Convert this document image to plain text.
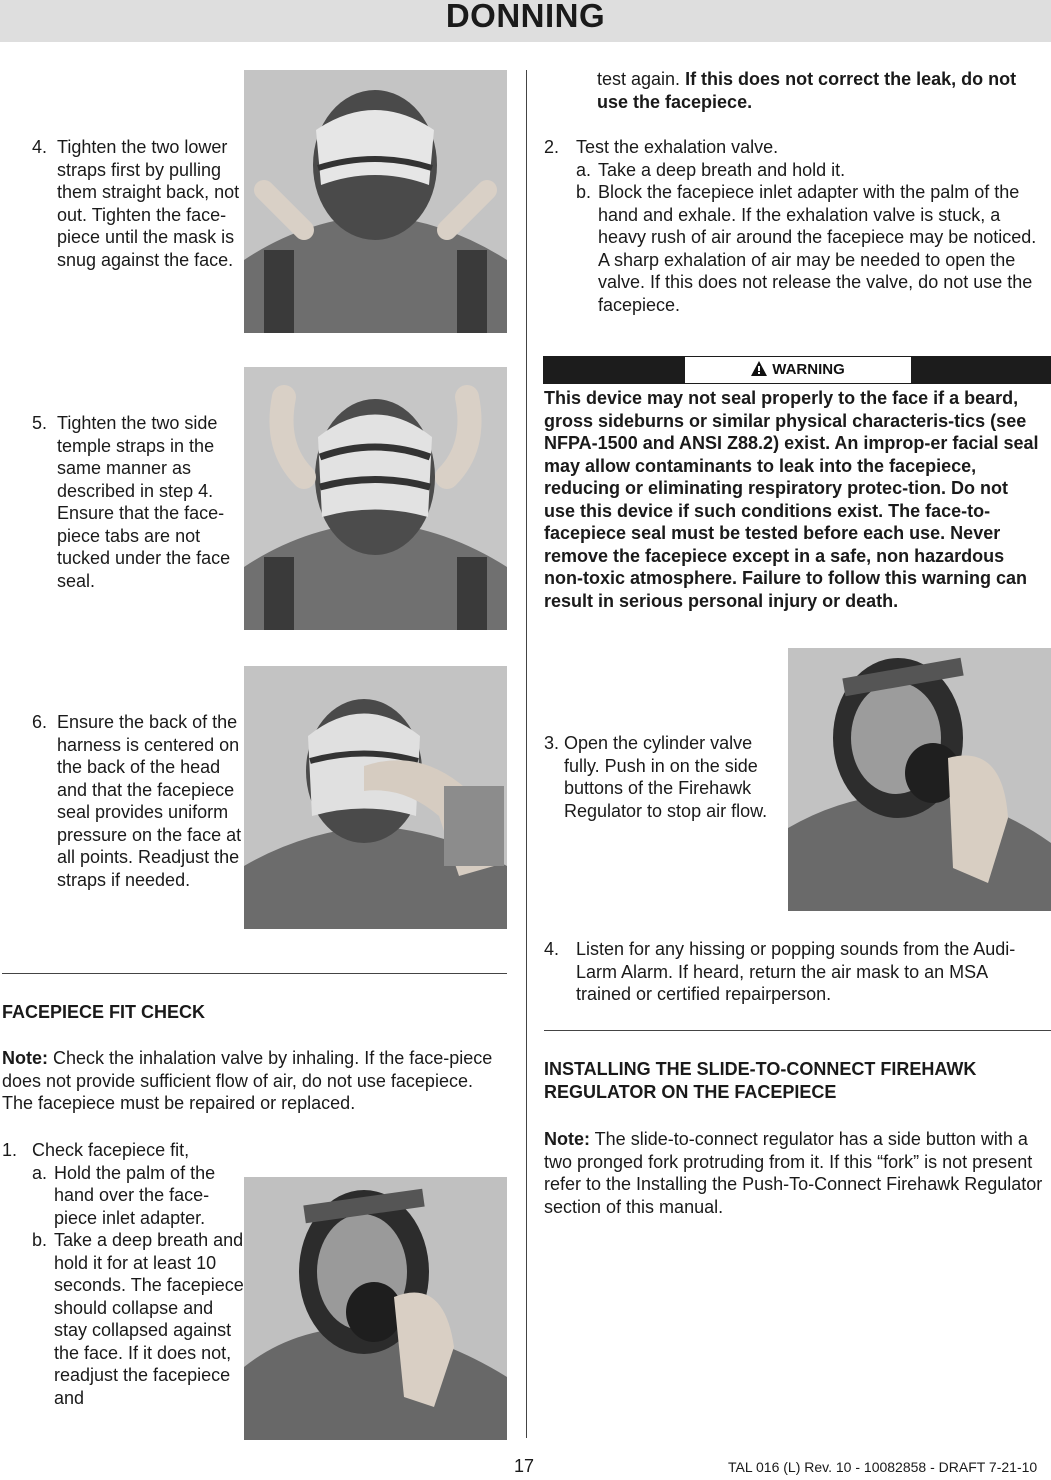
DONNING
4. Tighten the two lower straps first by pulling them straight back, not out. Tighten the face-piece until the mask is snug against the face.
5. Tighten the two side temple straps in the same manner as described in step 4. Ensure that the face-piece tabs are not tucked under the face seal.
6. Ensure the back of the harness is centered on the back of the head and that the facepiece seal provides uniform pressure on the face at all points. Readjust the straps if needed.
FACEPIECE FIT CHECK
Note: Check the inhalation valve by inhaling. If the face-piece does not provide sufficient flow of air, do not use facepiece. The facepiece must be repaired or replaced.
1. Check facepiece fit,
a. Hold the palm of the hand over the face-piece inlet adapter.
b. Take a deep breath and hold it for at least 10 seconds. The facepiece should collapse and stay collapsed against the face. If it does not, readjust the facepiece and
test again. If this does not correct the leak, do not use the facepiece.
2. Test the exhalation valve.
a. Take a deep breath and hold it.
b. Block the facepiece inlet adapter with the palm of the hand and exhale. If the exhalation valve is stuck, a heavy rush of air around the facepiece may be noticed. A sharp exhalation of air may be needed to open the valve. If this does not release the valve, do not use the facepiece.
WARNING
This device may not seal properly to the face if a beard, gross sideburns or similar physical characteris-tics (see NFPA-1500 and ANSI Z88.2) exist. An improp-er facial seal may allow contaminants to leak into the facepiece, reducing or eliminating respiratory protec-tion. Do not use this device if such conditions exist. The face-to-facepiece seal must be tested before each use. Never remove the facepiece except in a safe, non hazardous non-toxic atmosphere. Failure to follow this warning can result in serious personal injury or death.
3. Open the cylinder valve fully. Push in on the side buttons of the Firehawk Regulator to stop air flow.
4. Listen for any hissing or popping sounds from the Audi-Larm Alarm. If heard, return the air mask to an MSA trained or certified repairperson.
INSTALLING THE SLIDE-TO-CONNECT FIREHAWK REGULATOR ON THE FACEPIECE
Note: The slide-to-connect regulator has a side button with a two pronged fork protruding from it. If this “fork” is not present refer to the Installing the Push-To-Connect Firehawk Regulator section of this manual.
17	TAL 016 (L) Rev. 10 - 10082858 - DRAFT 7-21-10
